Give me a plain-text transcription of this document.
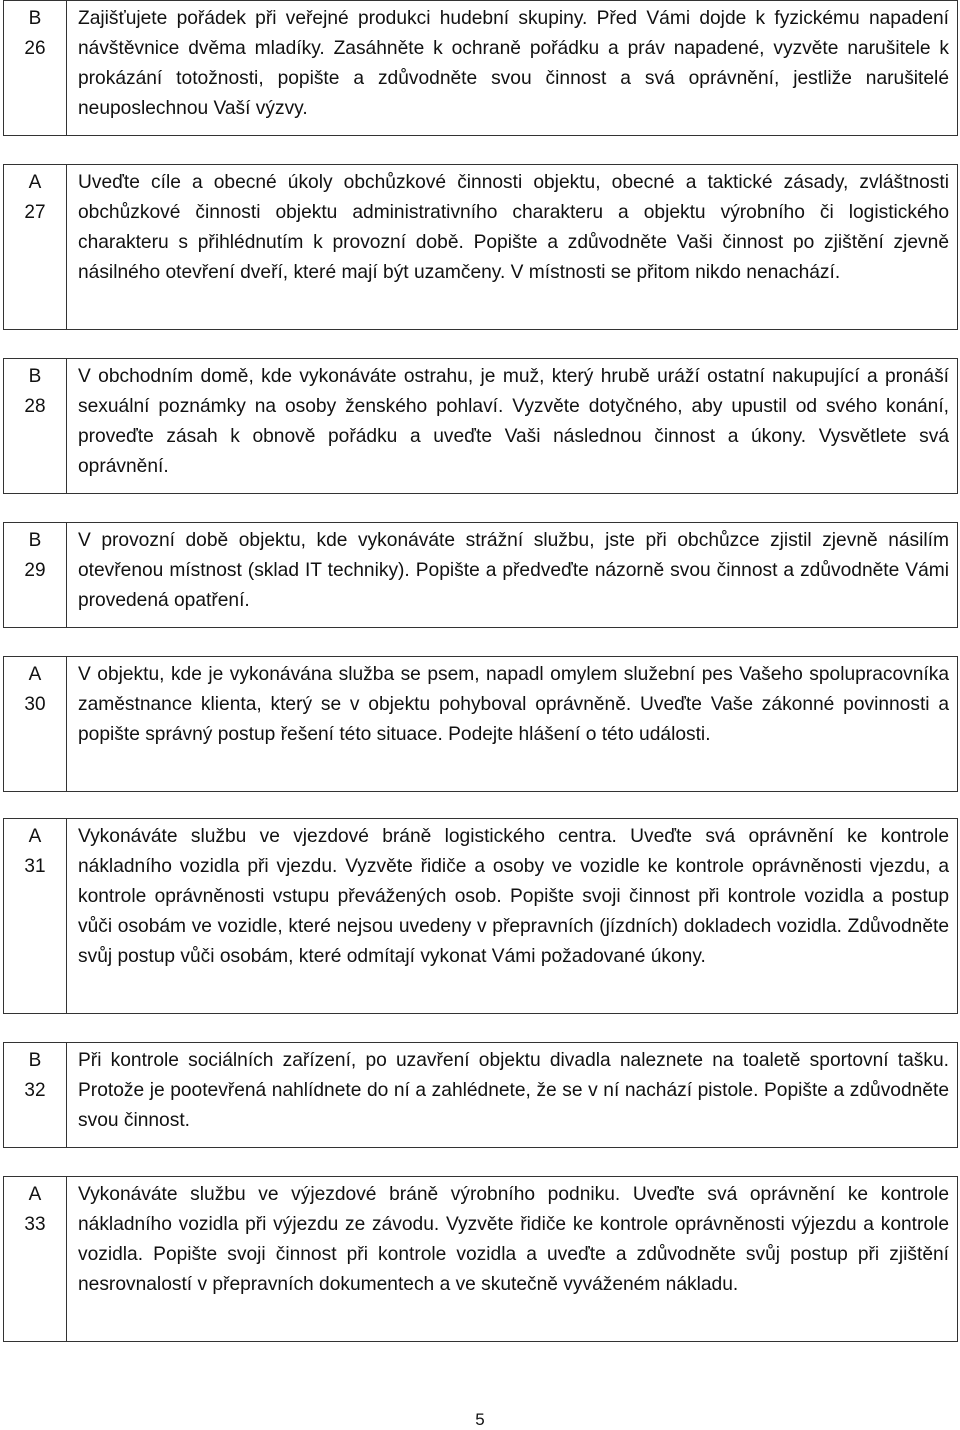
B
26
Zajišťujete pořádek při veřejné produkci hudební skupiny. Před Vámi dojde k fyzickému napadení návštěvnice dvěma mladíky. Zasáhněte k ochraně pořádku a práv napadené, vyzvěte narušitele k prokázání totožnosti, popište a zdůvodněte svou činnost a svá oprávnění, jestliže narušitelé neuposlechnou Vaší výzvy.
A
27
Uveďte cíle a obecné úkoly obchůzkové činnosti objektu, obecné a taktické zásady, zvláštnosti obchůzkové činnosti objektu administrativního charakteru a objektu výrobního či logistického charakteru s přihlédnutím k provozní době. Popište a zdůvodněte Vaši činnost po zjištění zjevně násilného otevření dveří, které mají být uzamčeny. V místnosti se přitom nikdo nenachází.
B
28
V obchodním domě, kde vykonáváte ostrahu, je muž, který hrubě uráží ostatní nakupující a pronáší sexuální poznámky na osoby ženského pohlaví. Vyzvěte dotyčného, aby upustil od svého konání, proveďte zásah k obnově pořádku a uveďte Vaši následnou činnost a úkony. Vysvětlete svá oprávnění.
B
29
V provozní době objektu, kde vykonáváte strážní službu, jste při obchůzce zjistil zjevně násilím otevřenou místnost (sklad IT techniky). Popište a předveďte názorně svou činnost a zdůvodněte Vámi provedená opatření.
A
30
V objektu, kde je vykonávána služba se psem, napadl omylem služební pes Vašeho spolupracovníka zaměstnance klienta, který se v objektu pohyboval oprávněně. Uveďte Vaše zákonné povinnosti a popište správný postup řešení této situace. Podejte hlášení o této události.
A
31
Vykonáváte službu ve vjezdové bráně logistického centra. Uveďte svá oprávnění ke kontrole nákladního vozidla při vjezdu. Vyzvěte řidiče a osoby ve vozidle ke kontrole oprávněnosti vjezdu, a kontrole oprávněnosti vstupu převážených osob. Popište svoji činnost při kontrole vozidla a postup vůči osobám ve vozidle, které nejsou uvedeny v přepravních (jízdních) dokladech vozidla. Zdůvodněte svůj postup vůči osobám, které odmítají vykonat Vámi požadované úkony.
B
32
Při kontrole sociálních zařízení, po uzavření objektu divadla naleznete na toaletě sportovní tašku. Protože je pootevřená nahlídnete do ní a zahlédnete, že se v ní nachází pistole. Popište a zdůvodněte svou činnost.
A
33
Vykonáváte službu ve výjezdové bráně výrobního podniku. Uveďte svá oprávnění ke kontrole nákladního vozidla při výjezdu ze závodu. Vyzvěte řidiče ke kontrole oprávněnosti výjezdu a kontrole vozidla. Popište svoji činnost při kontrole vozidla a uveďte a zdůvodněte svůj postup při zjištění nesrovnalostí v přepravních dokumentech a ve skutečně vyváženém nákladu.
5
